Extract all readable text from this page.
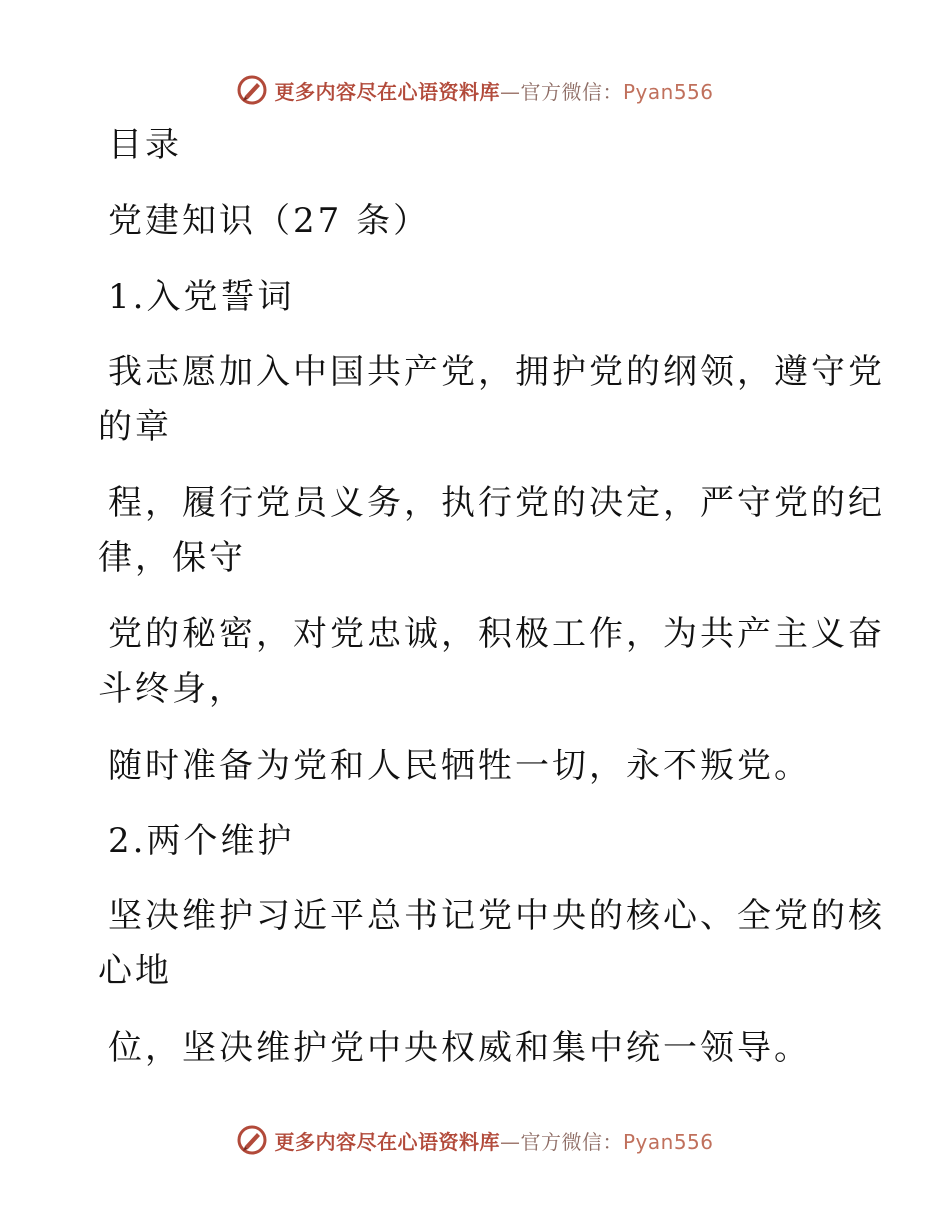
更多内容尽在心语资料库—官方微信：Pyan556
目录
党建知识（27 条）
1.入党誓词
我志愿加入中国共产党，拥护党的纲领，遵守党
的章
程，履行党员义务，执行党的决定，严守党的纪
律，保守
党的秘密，对党忠诚，积极工作，为共产主义奋
斗终身，
随时准备为党和人民牺牲一切，永不叛党。
2.两个维护
坚决维护习近平总书记党中央的核心、全党的核
心地
位，坚决维护党中央权威和集中统一领导。
更多内容尽在心语资料库—官方微信：Pyan556
